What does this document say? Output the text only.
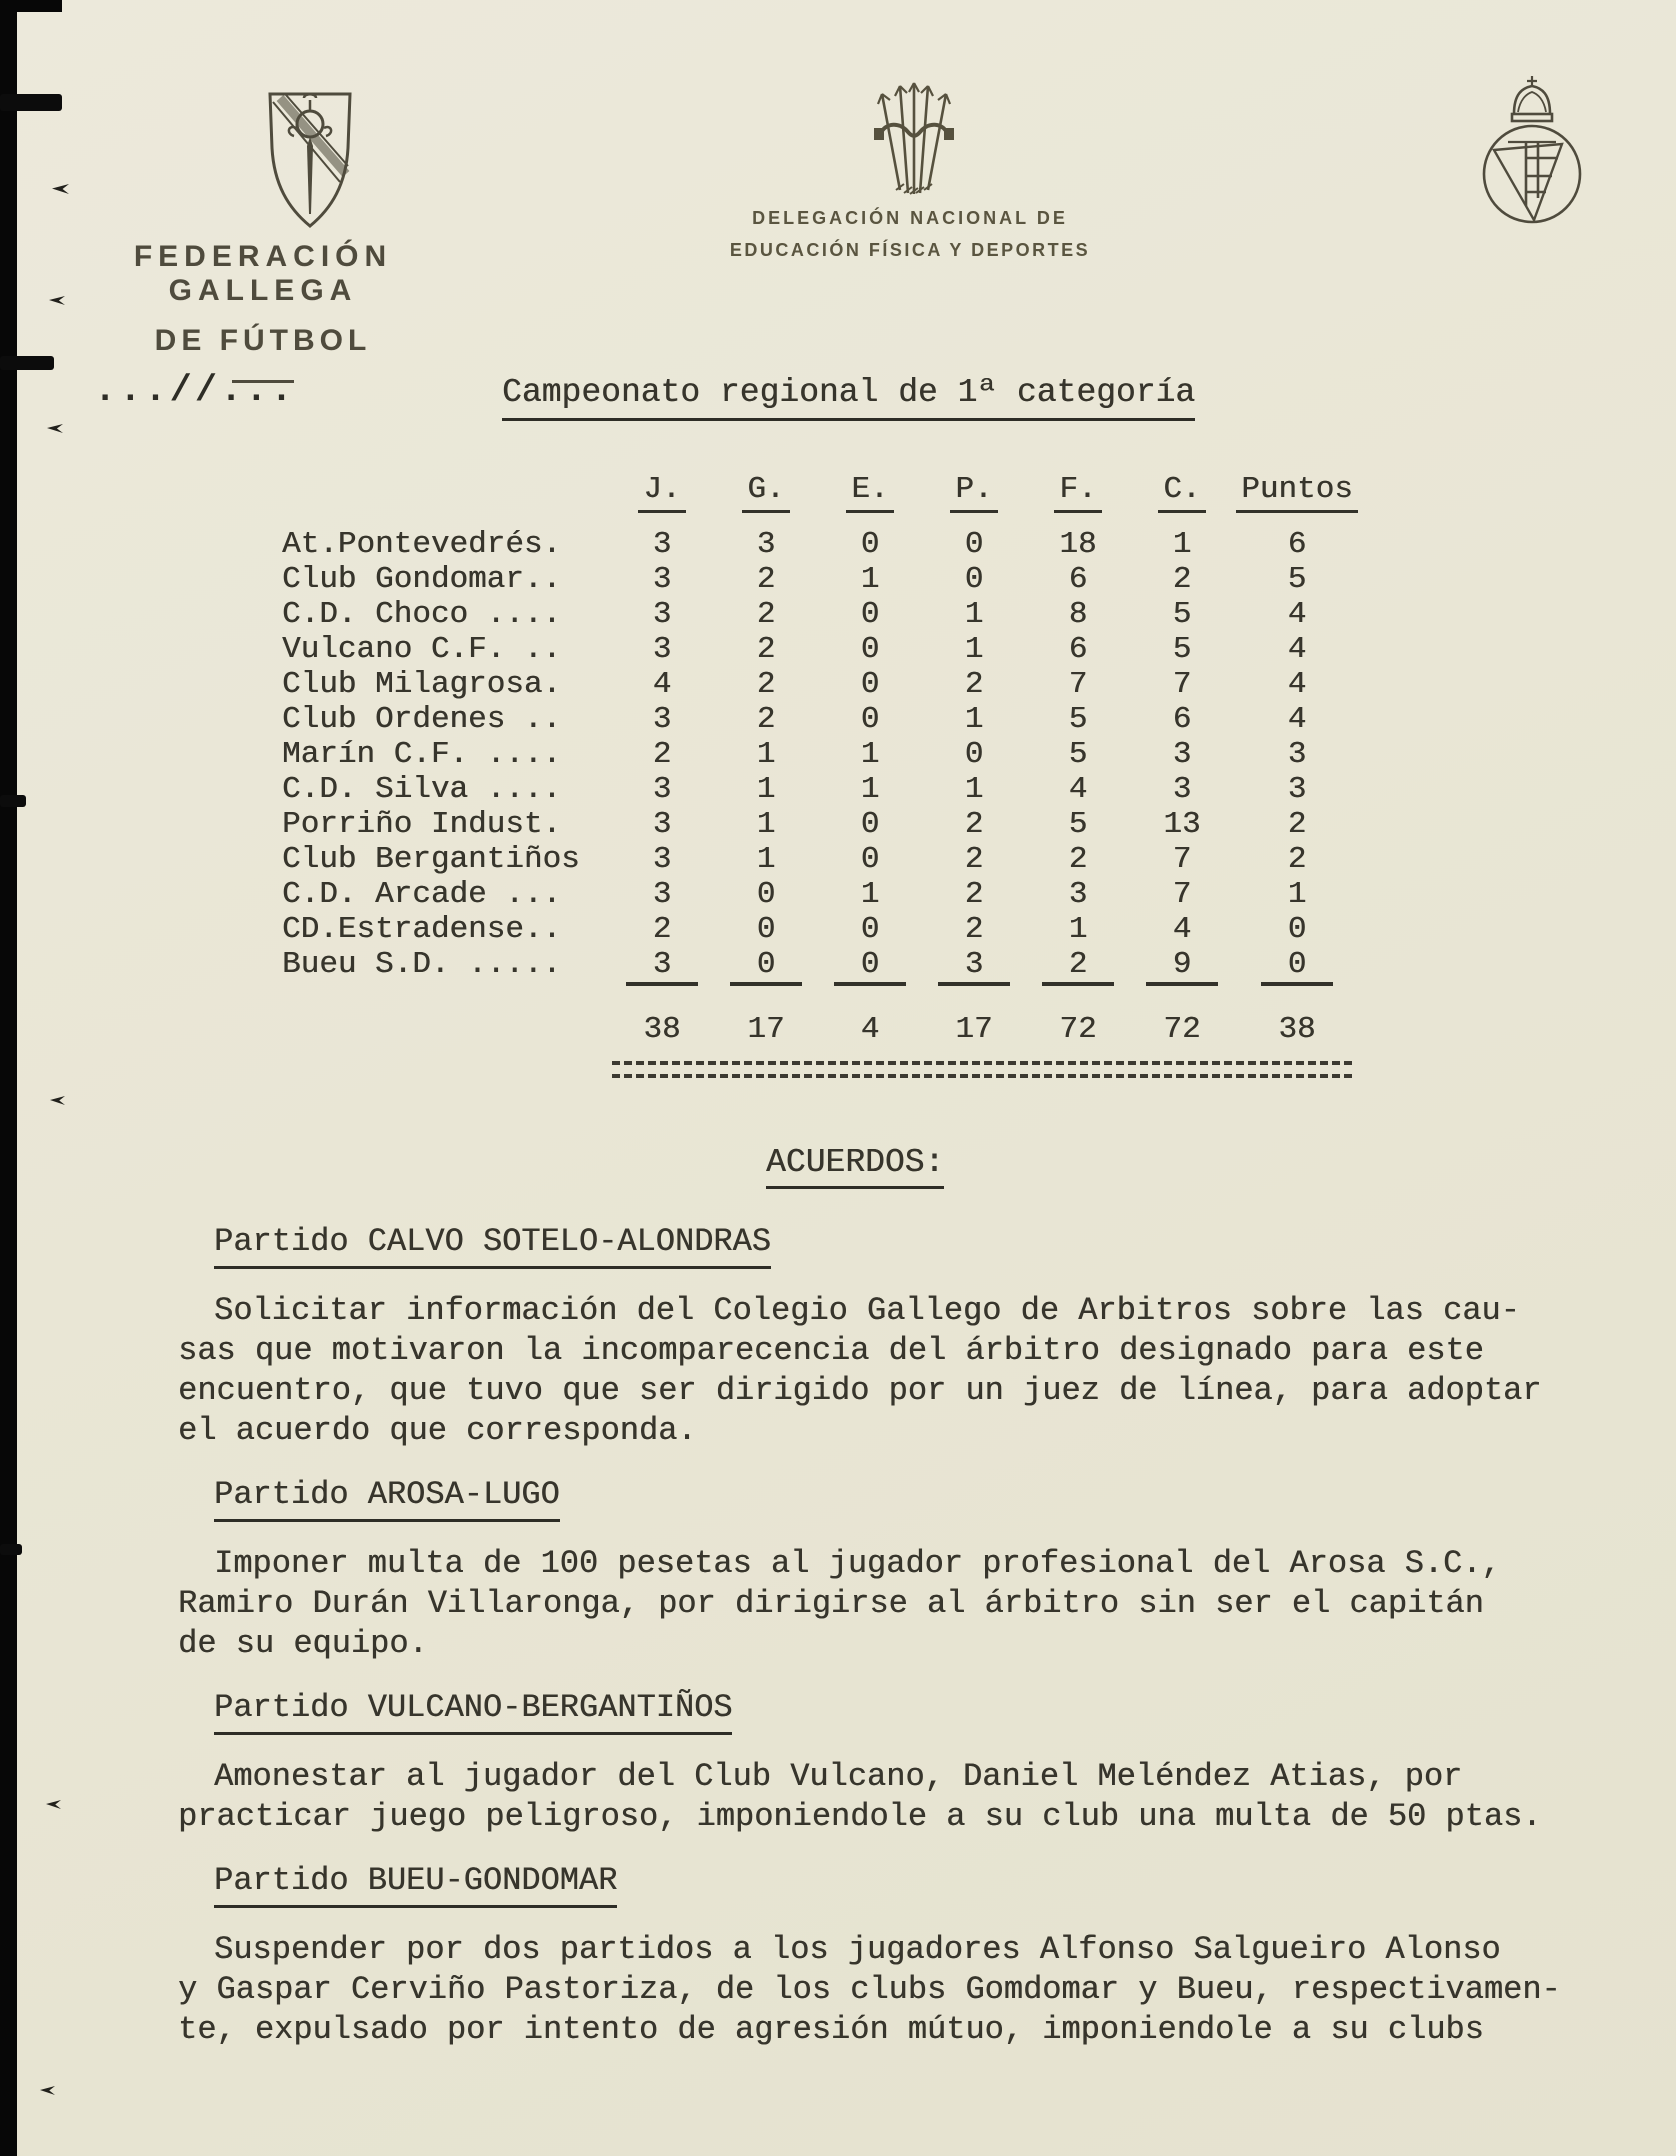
FEDERACIÓN GALLEGA
DE FÚTBOL
DELEGACIÓN NACIONAL DE
EDUCACIÓN FÍSICA Y DEPORTES
...//...	Campeonato regional de 1ª categoría
J.	G.	E.	P.	F.	C.	Puntos
At.Pontevedrés.	3	3	0	0	18	1	6
Club Gondomar..	3	2	1	0	6	2	5
C.D. Choco ....	3	2	0	1	8	5	4
Vulcano C.F. ..	3	2	0	1	6	5	4
Club Milagrosa.	4	2	0	2	7	7	4
Club Ordenes ..	3	2	0	1	5	6	4
Marín C.F. ....	2	1	1	0	5	3	3
C.D. Silva ....	3	1	1	1	4	3	3
Porriño Indust.	3	1	0	2	5	13	2
Club Bergantiños	3	1	0	2	2	7	2
C.D. Arcade ...	3	0	1	2	3	7	1
CD.Estradense..	2	0	0	2	1	4	0
Bueu S.D. .....	3	0	0	3	2	9	0
38	17	4	17	72	72	38
ACUERDOS:
Partido CALVO SOTELO-ALONDRAS
Solicitar información del Colegio Gallego de Arbitros sobre las cau-
sas que motivaron la incomparecencia del árbitro designado para este
encuentro, que tuvo que ser dirigido por un juez de línea, para adoptar
el acuerdo que corresponda.
Partido AROSA-LUGO
Imponer multa de 100 pesetas al jugador profesional del Arosa S.C.,
Ramiro Durán Villaronga, por dirigirse al árbitro sin ser el capitán
de su equipo.
Partido VULCANO-BERGANTIÑOS
Amonestar al jugador del Club Vulcano, Daniel Meléndez Atias, por
practicar juego peligroso, imponiendole a su club una multa de 50 ptas.
Partido BUEU-GONDOMAR
Suspender por dos partidos a los jugadores Alfonso Salgueiro Alonso
y Gaspar Cerviño Pastoriza, de los clubs Gomdomar y Bueu, respectivamen-
te, expulsado por intento de agresión mútuo, imponiendole a su clubs
